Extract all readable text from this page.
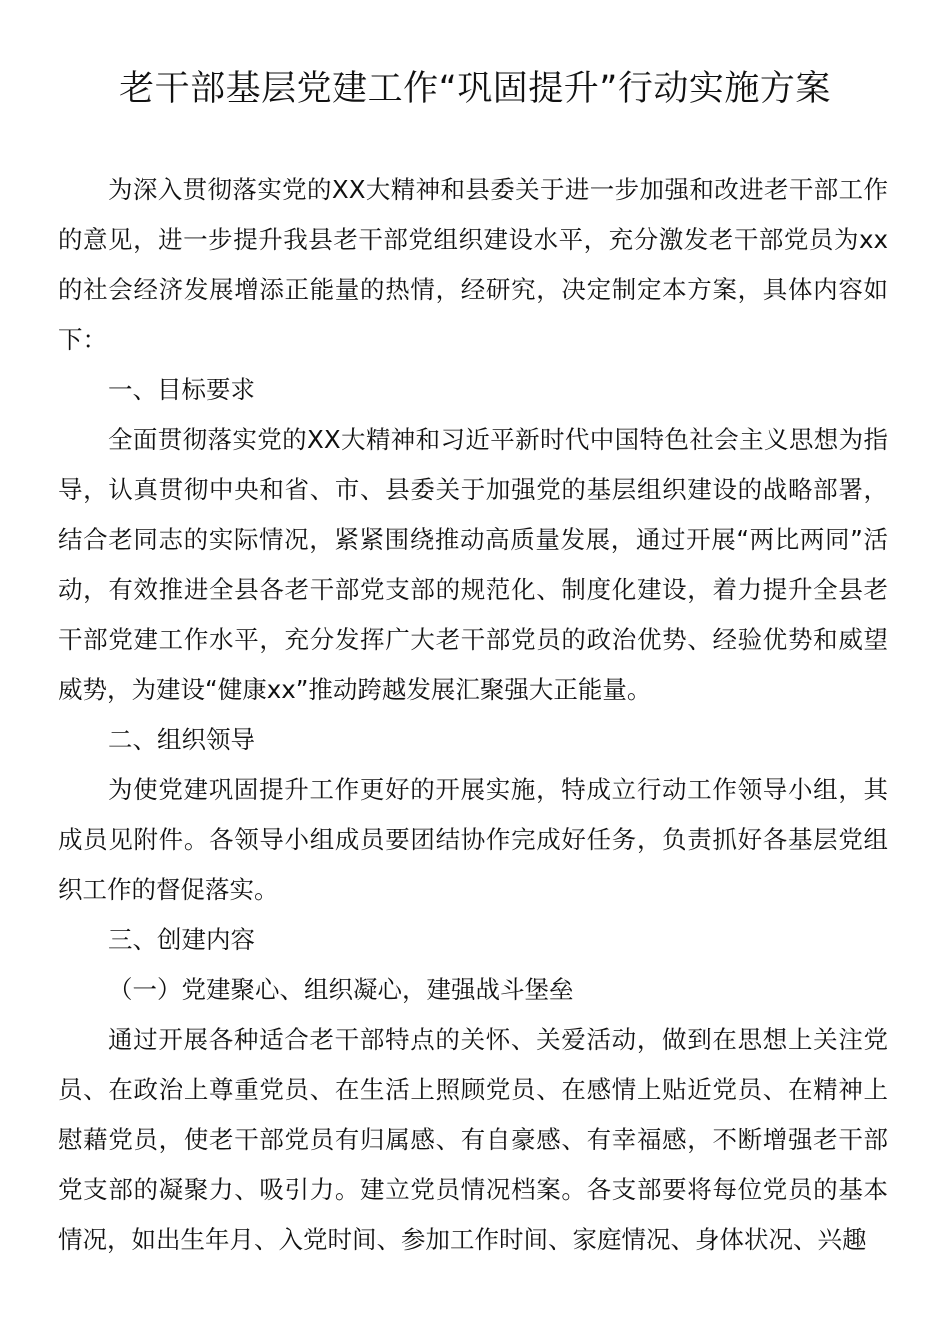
老干部基层党建工作“巩固提升”行动实施方案

为深入贯彻落实党的XX大精神和县委关于进一步加强和改进老干部工作的意见，进一步提升我县老干部党组织建设水平，充分激发老干部党员为xx的社会经济发展增添正能量的热情，经研究，决定制定本方案，具体内容如下：

一、目标要求

全面贯彻落实党的XX大精神和习近平新时代中国特色社会主义思想为指导，认真贯彻中央和省、市、县委关于加强党的基层组织建设的战略部署，结合老同志的实际情况，紧紧围绕推动高质量发展，通过开展“两比两同”活动，有效推进全县各老干部党支部的规范化、制度化建设，着力提升全县老干部党建工作水平，充分发挥广大老干部党员的政治优势、经验优势和威望威势，为建设“健康xx”推动跨越发展汇聚强大正能量。

二、组织领导

为使党建巩固提升工作更好的开展实施，特成立行动工作领导小组，其成员见附件。各领导小组成员要团结协作完成好任务，负责抓好各基层党组织工作的督促落实。

三、创建内容

（一）党建聚心、组织凝心，建强战斗堡垒

通过开展各种适合老干部特点的关怀、关爱活动，做到在思想上关注党员、在政治上尊重党员、在生活上照顾党员、在感情上贴近党员、在精神上慰藉党员，使老干部党员有归属感、有自豪感、有幸福感，不断增强老干部党支部的凝聚力、吸引力。建立党员情况档案。各支部要将每位党员的基本情况，如出生年月、入党时间、参加工作时间、家庭情况、身体状况、兴趣
